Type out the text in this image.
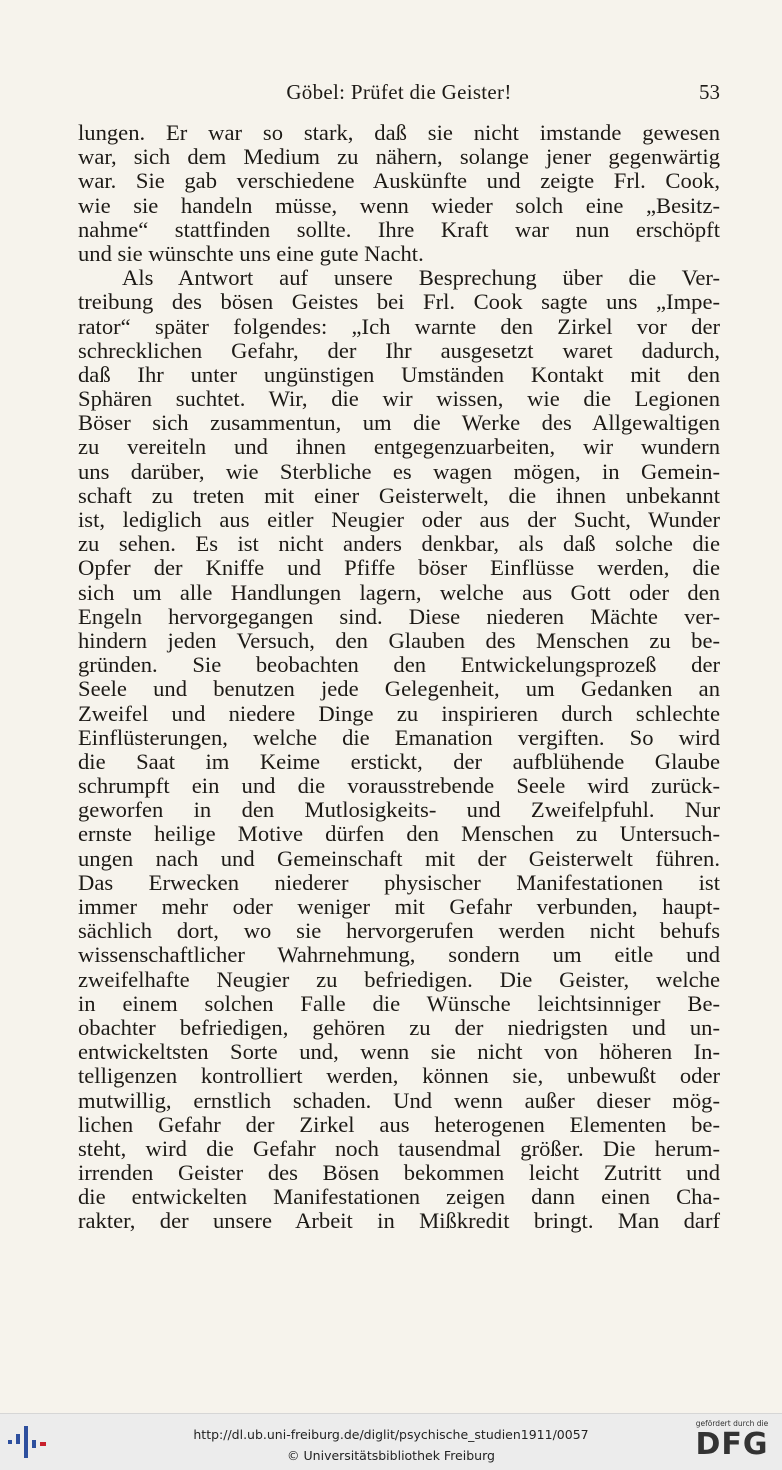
Göbel: Prüfet die Geister!	53
lungen. Er war so stark, daß sie nicht imstande gewesen
war, sich dem Medium zu nähern, solange jener gegenwärtig
war. Sie gab verschiedene Auskünfte und zeigte Frl. Cook,
wie sie handeln müsse, wenn wieder solch eine „Besitz-
nahme“ stattfinden sollte. Ihre Kraft war nun erschöpft
und sie wünschte uns eine gute Nacht.
Als Antwort auf unsere Besprechung über die Ver-
treibung des bösen Geistes bei Frl. Cook sagte uns „Impe-
rator“ später folgendes: „Ich warnte den Zirkel vor der
schrecklichen Gefahr, der Ihr ausgesetzt waret dadurch,
daß Ihr unter ungünstigen Umständen Kontakt mit den
Sphären suchtet. Wir, die wir wissen, wie die Legionen
Böser sich zusammentun, um die Werke des Allgewaltigen
zu vereiteln und ihnen entgegenzuarbeiten, wir wundern
uns darüber, wie Sterbliche es wagen mögen, in Gemein-
schaft zu treten mit einer Geisterwelt, die ihnen unbekannt
ist, lediglich aus eitler Neugier oder aus der Sucht, Wunder
zu sehen. Es ist nicht anders denkbar, als daß solche die
Opfer der Kniffe und Pfiffe böser Einflüsse werden, die
sich um alle Handlungen lagern, welche aus Gott oder den
Engeln hervorgegangen sind. Diese niederen Mächte ver-
hindern jeden Versuch, den Glauben des Menschen zu be-
gründen. Sie beobachten den Entwickelungsprozeß der
Seele und benutzen jede Gelegenheit, um Gedanken an
Zweifel und niedere Dinge zu inspirieren durch schlechte
Einflüsterungen, welche die Emanation vergiften. So wird
die Saat im Keime erstickt, der aufblühende Glaube
schrumpft ein und die vorausstrebende Seele wird zurück-
geworfen in den Mutlosigkeits- und Zweifelpfuhl. Nur
ernste heilige Motive dürfen den Menschen zu Untersuch-
ungen nach und Gemeinschaft mit der Geisterwelt führen.
Das Erwecken niederer physischer Manifestationen ist
immer mehr oder weniger mit Gefahr verbunden, haupt-
sächlich dort, wo sie hervorgerufen werden nicht behufs
wissenschaftlicher Wahrnehmung, sondern um eitle und
zweifelhafte Neugier zu befriedigen. Die Geister, welche
in einem solchen Falle die Wünsche leichtsinniger Be-
obachter befriedigen, gehören zu der niedrigsten und un-
entwickeltsten Sorte und, wenn sie nicht von höheren In-
telligenzen kontrolliert werden, können sie, unbewußt oder
mutwillig, ernstlich schaden. Und wenn außer dieser mög-
lichen Gefahr der Zirkel aus heterogenen Elementen be-
steht, wird die Gefahr noch tausendmal größer. Die herum-
irrenden Geister des Bösen bekommen leicht Zutritt und
die entwickelten Manifestationen zeigen dann einen Cha-
rakter, der unsere Arbeit in Mißkredit bringt. Man darf
http://dl.ub.uni-freiburg.de/diglit/psychische_studien1911/0057
© Universitätsbibliothek Freiburg
gefördert durch die
DFG
